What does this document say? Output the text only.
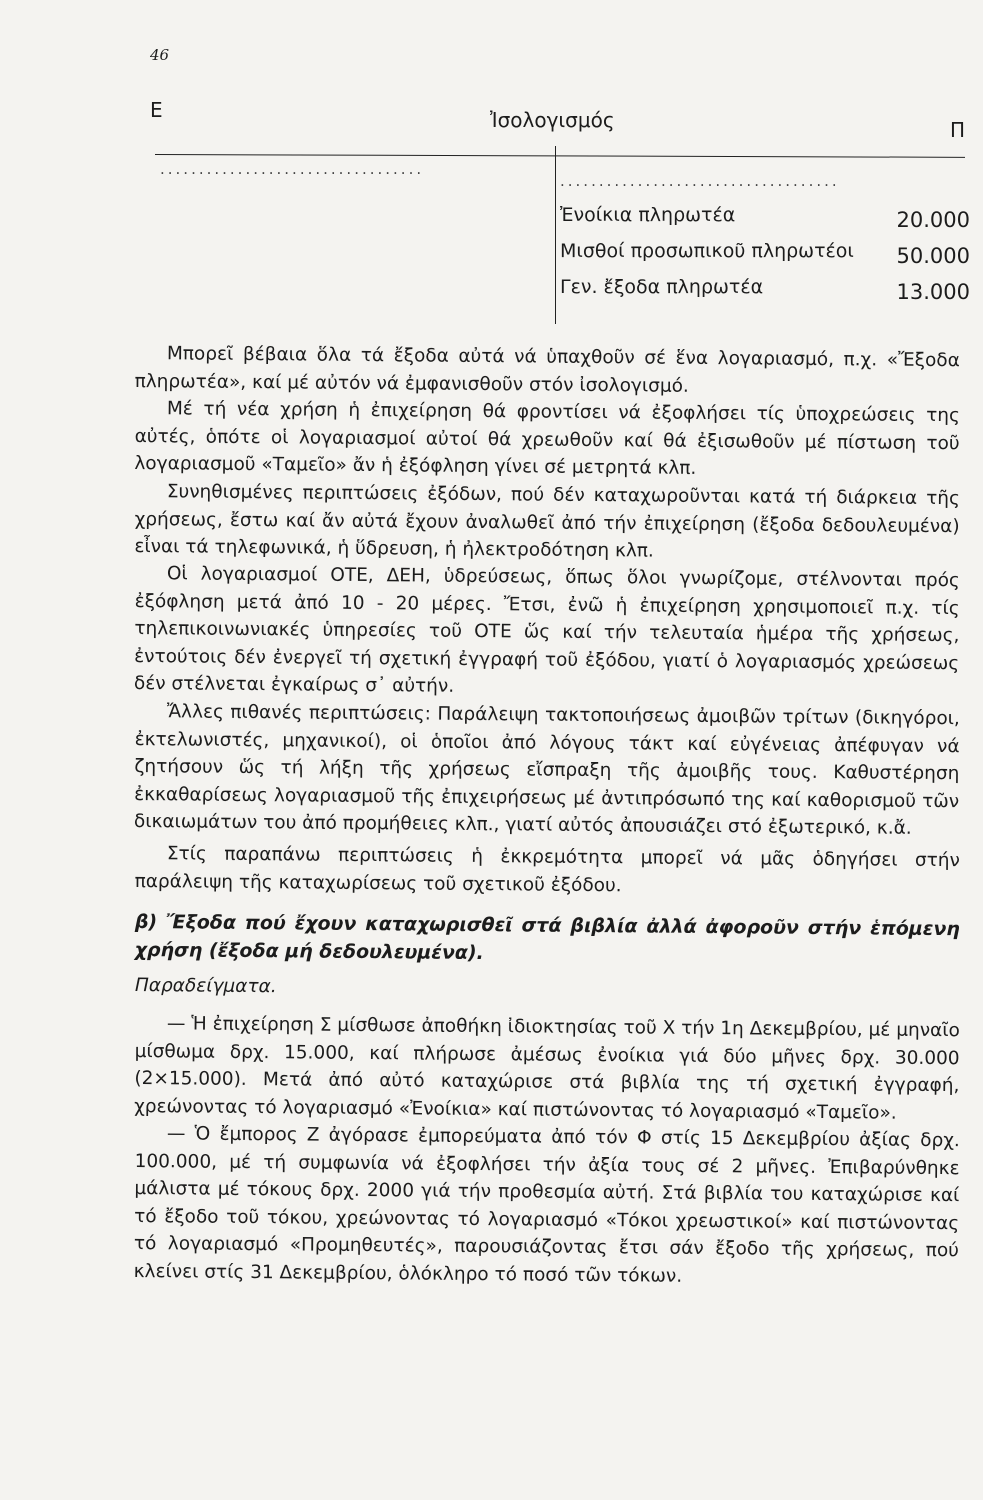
46
Ε	Ἰσολογισμός	Π
..................................
....................................
Ἐνοίκια πληρωτέα	20.000
Μισθοί προσωπικοῦ πληρωτέοι 50.000
Γεν. ἔξοδα πληρωτέα	13.000

Μπορεῖ βέβαια ὅλα τά ἔξοδα αὐτά νά ὑπαχθοῦν σέ ἕνα λογαριασμό, π.χ. «Ἔξοδα πληρωτέα», καί μέ αὐτόν νά ἐμφανισθοῦν στόν ἰσολογισμό.

Μέ τή νέα χρήση ἡ ἐπιχείρηση θά φροντίσει νά ἐξοφλήσει τίς ὑποχρεώσεις της αὐτές, ὁπότε οἱ λογαριασμοί αὐτοί θά χρεωθοῦν καί θά ἐξισωθοῦν μέ πίστωση τοῦ λογαριασμοῦ «Ταμεῖο» ἄν ἡ ἐξόφληση γίνει σέ μετρητά κλπ.

Συνηθισμένες περιπτώσεις ἐξόδων, πού δέν καταχωροῦνται κατά τή διάρκεια τῆς χρήσεως, ἔστω καί ἄν αὐτά ἔχουν ἀναλωθεῖ ἀπό τήν ἐπιχείρηση (ἔξοδα δεδουλευμένα) εἶναι τά τηλεφωνικά, ἡ ὕδρευση, ἡ ἠλεκτροδότηση κλπ.

Οἱ λογαριασμοί ΟΤΕ, ΔΕΗ, ὑδρεύσεως, ὅπως ὅλοι γνωρίζομε, στέλνονται πρός ἐξόφληση μετά ἀπό 10 - 20 μέρες. Ἔτσι, ἐνῶ ἡ ἐπιχείρηση χρησιμοποιεῖ π.χ. τίς τηλεπικοινωνιακές ὑπηρεσίες τοῦ ΟΤΕ ὥς καί τήν τελευταία ἡμέρα τῆς χρήσεως, ἐντούτοις δέν ἐνεργεῖ τή σχετική ἐγγραφή τοῦ ἐξόδου, γιατί ὁ λογαριασμός χρεώσεως δέν στέλνεται ἐγκαίρως σ᾽ αὐτήν.

Ἄλλες πιθανές περιπτώσεις: Παράλειψη τακτοποιήσεως ἀμοιβῶν τρίτων (δικηγόροι, ἐκτελωνιστές, μηχανικοί), οἱ ὁποῖοι ἀπό λόγους τάκτ καί εὐγένειας ἀπέφυγαν νά ζητήσουν ὥς τή λήξη τῆς χρήσεως εἴσπραξη τῆς ἀμοιβῆς τους. Καθυστέρηση ἐκκαθαρίσεως λογαριασμοῦ τῆς ἐπιχειρήσεως μέ ἀντιπρόσωπό της καί καθορισμοῦ τῶν δικαιωμάτων του ἀπό προμήθειες κλπ., γιατί αὐτός ἀπουσιάζει στό ἐξωτερικό, κ.ἄ.

Στίς παραπάνω περιπτώσεις ἡ ἐκκρεμότητα μπορεῖ νά μᾶς ὁδηγήσει στήν παράλειψη τῆς καταχωρίσεως τοῦ σχετικοῦ ἐξόδου.

β) Ἔξοδα πού ἔχουν καταχωρισθεῖ στά βιβλία ἀλλά ἀφοροῦν στήν ἑπόμενη χρήση (ἔξοδα μή δεδουλευμένα).

Παραδείγματα.

— Ἡ ἐπιχείρηση Σ μίσθωσε ἀποθήκη ἰδιοκτησίας τοῦ Χ τήν 1η Δεκεμβρίου, μέ μηναῖο μίσθωμα δρχ. 15.000, καί πλήρωσε ἀμέσως ἐνοίκια γιά δύο μῆνες δρχ. 30.000 (2×15.000). Μετά ἀπό αὐτό καταχώρισε στά βιβλία της τή σχετική ἐγγραφή, χρεώνοντας τό λογαριασμό «Ἐνοίκια» καί πιστώνοντας τό λογαριασμό «Ταμεῖο».

— Ὁ ἔμπορος Ζ ἀγόρασε ἐμπορεύματα ἀπό τόν Φ στίς 15 Δεκεμβρίου ἀξίας δρχ. 100.000, μέ τή συμφωνία νά ἐξοφλήσει τήν ἀξία τους σέ 2 μῆνες. Ἐπιβαρύνθηκε μάλιστα μέ τόκους δρχ. 2000 γιά τήν προθεσμία αὐτή. Στά βιβλία του καταχώρισε καί τό ἔξοδο τοῦ τόκου, χρεώνοντας τό λογαριασμό «Τόκοι χρεωστικοί» καί πιστώνοντας τό λογαριασμό «Προμηθευτές», παρουσιάζοντας ἔτσι σάν ἔξοδο τῆς χρήσεως, πού κλείνει στίς 31 Δεκεμβρίου, ὁλόκληρο τό ποσό τῶν τόκων.
